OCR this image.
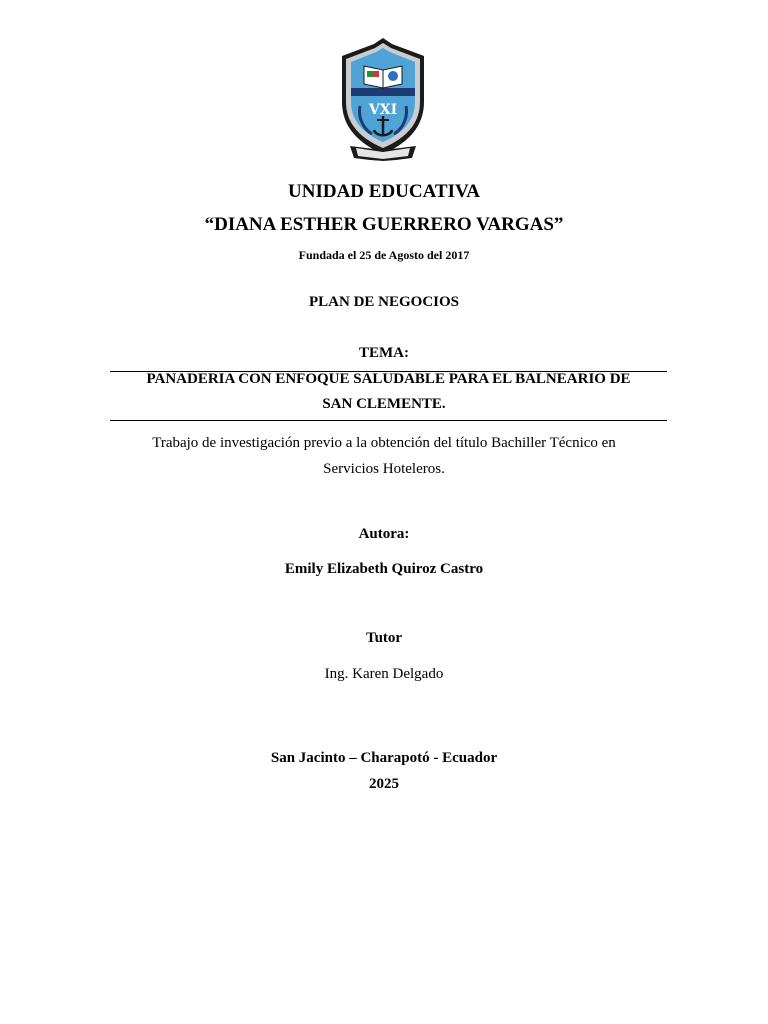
VXI
UNIDAD EDUCATIVA
“DIANA ESTHER GUERRERO VARGAS”
Fundada el 25 de Agosto del 2017
PLAN DE NEGOCIOS
TEMA:
PANADERIA CON ENFOQUE SALUDABLE PARA EL BALNEARIO DE
SAN CLEMENTE.
Trabajo de investigación previo a la obtención del título Bachiller Técnico en
Servicios Hoteleros.
Autora:
Emily Elizabeth Quiroz Castro
Tutor
Ing. Karen Delgado
San Jacinto – Charapotó - Ecuador
2025
